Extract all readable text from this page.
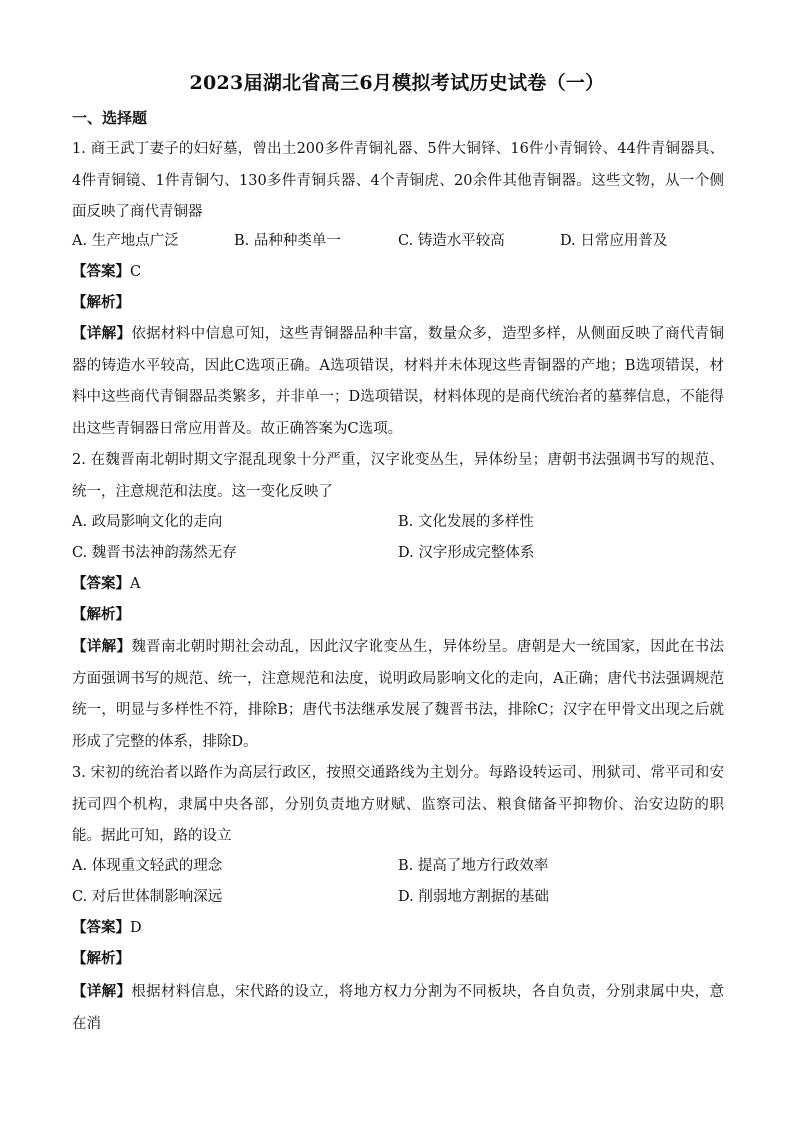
2023届湖北省高三6月模拟考试历史试卷（一）
一、选择题
1. 商王武丁妻子的妇好墓，曾出土200多件青铜礼器、5件大铜铎、16件小青铜铃、44件青铜器具、4件青铜镜、1件青铜勺、130多件青铜兵器、4个青铜虎、20余件其他青铜器。这些文物，从一个侧面反映了商代青铜器
A. 生产地点广泛	B. 品种种类单一	C. 铸造水平较高	D. 日常应用普及
【答案】C
【解析】
【详解】依据材料中信息可知，这些青铜器品种丰富，数量众多，造型多样，从侧面反映了商代青铜器的铸造水平较高，因此C选项正确。A选项错误，材料并未体现这些青铜器的产地；B选项错误，材料中这些商代青铜器品类繁多，并非单一；D选项错误，材料体现的是商代统治者的墓葬信息，不能得出这些青铜器日常应用普及。故正确答案为C选项。
2. 在魏晋南北朝时期文字混乱现象十分严重，汉字讹变丛生，异体纷呈；唐朝书法强调书写的规范、统一，注意规范和法度。这一变化反映了
A. 政局影响文化的走向	B. 文化发展的多样性
C. 魏晋书法神韵荡然无存	D. 汉字形成完整体系
【答案】A
【解析】
【详解】魏晋南北朝时期社会动乱，因此汉字讹变丛生，异体纷呈。唐朝是大一统国家，因此在书法方面强调书写的规范、统一，注意规范和法度，说明政局影响文化的走向，A正确；唐代书法强调规范统一，明显与多样性不符，排除B；唐代书法继承发展了魏晋书法，排除C；汉字在甲骨文出现之后就形成了完整的体系，排除D。
3. 宋初的统治者以路作为高层行政区，按照交通路线为主划分。每路设转运司、刑狱司、常平司和安抚司四个机构，隶属中央各部，分别负责地方财赋、监察司法、粮食储备平抑物价、治安边防的职能。据此可知，路的设立
A. 体现重文轻武的理念	B. 提高了地方行政效率
C. 对后世体制影响深远	D. 削弱地方割据的基础
【答案】D
【解析】
【详解】根据材料信息，宋代路的设立，将地方权力分割为不同板块，各自负责，分别隶属中央，意在消
